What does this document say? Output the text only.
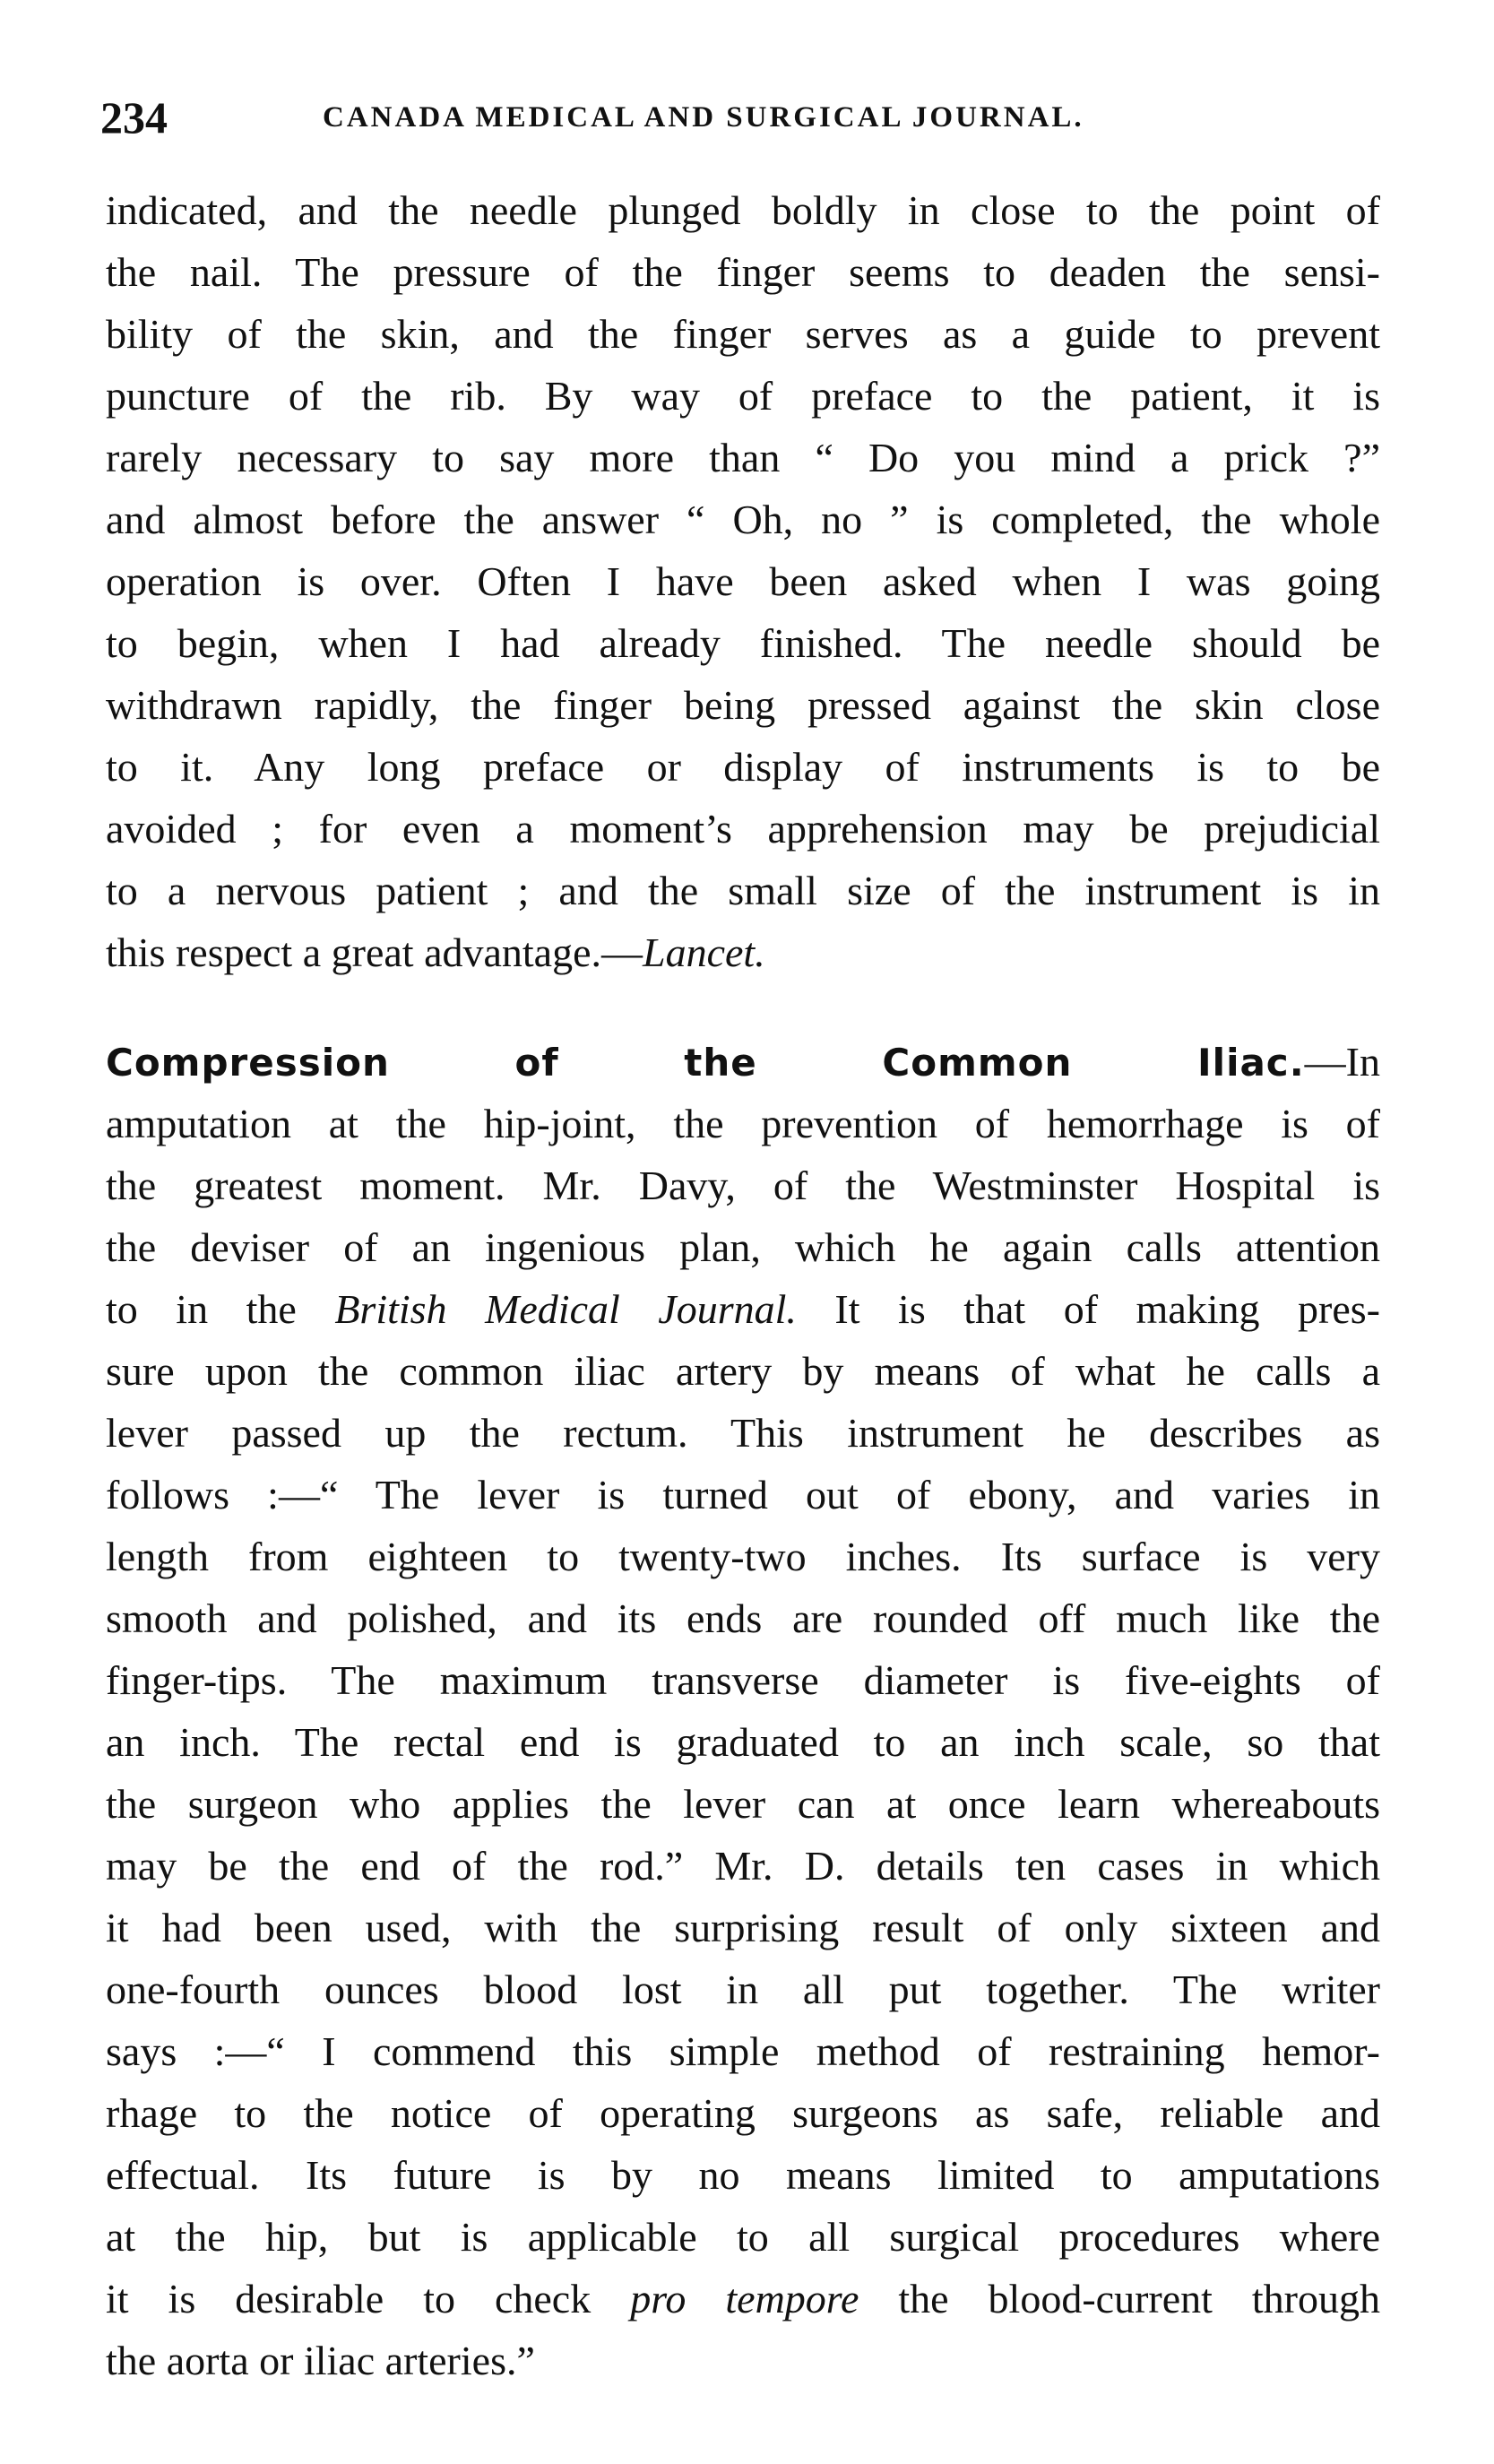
234	CANADA MEDICAL AND SURGICAL JOURNAL.
indicated, and the needle plunged boldly in close to the point of
the nail. The pressure of the finger seems to deaden the sensi-
bility of the skin, and the finger serves as a guide to prevent
puncture of the rib. By way of preface to the patient, it is
rarely necessary to say more than “ Do you mind a prick ?”
and almost before the answer “ Oh, no ” is completed, the whole
operation is over. Often I have been asked when I was going
to begin, when I had already finished. The needle should be
withdrawn rapidly, the finger being pressed against the skin close
to it. Any long preface or display of instruments is to be
avoided ; for even a moment’s apprehension may be prejudicial
to a nervous patient ; and the small size of the instrument is in
this respect a great advantage.—Lancet.
Compression of the Common Iliac.—In
amputation at the hip-joint, the prevention of hemorrhage is of
the greatest moment. Mr. Davy, of the Westminster Hospital is
the deviser of an ingenious plan, which he again calls attention
to in the British Medical Journal. It is that of making pres-
sure upon the common iliac artery by means of what he calls a
lever passed up the rectum. This instrument he describes as
follows :—“ The lever is turned out of ebony, and varies in
length from eighteen to twenty-two inches. Its surface is very
smooth and polished, and its ends are rounded off much like the
finger-tips. The maximum transverse diameter is five-eights of
an inch. The rectal end is graduated to an inch scale, so that
the surgeon who applies the lever can at once learn whereabouts
may be the end of the rod.” Mr. D. details ten cases in which
it had been used, with the surprising result of only sixteen and
one-fourth ounces blood lost in all put together. The writer
says :—“ I commend this simple method of restraining hemor-
rhage to the notice of operating surgeons as safe, reliable and
effectual. Its future is by no means limited to amputations
at the hip, but is applicable to all surgical procedures where
it is desirable to check pro tempore the blood-current through
the aorta or iliac arteries.”
